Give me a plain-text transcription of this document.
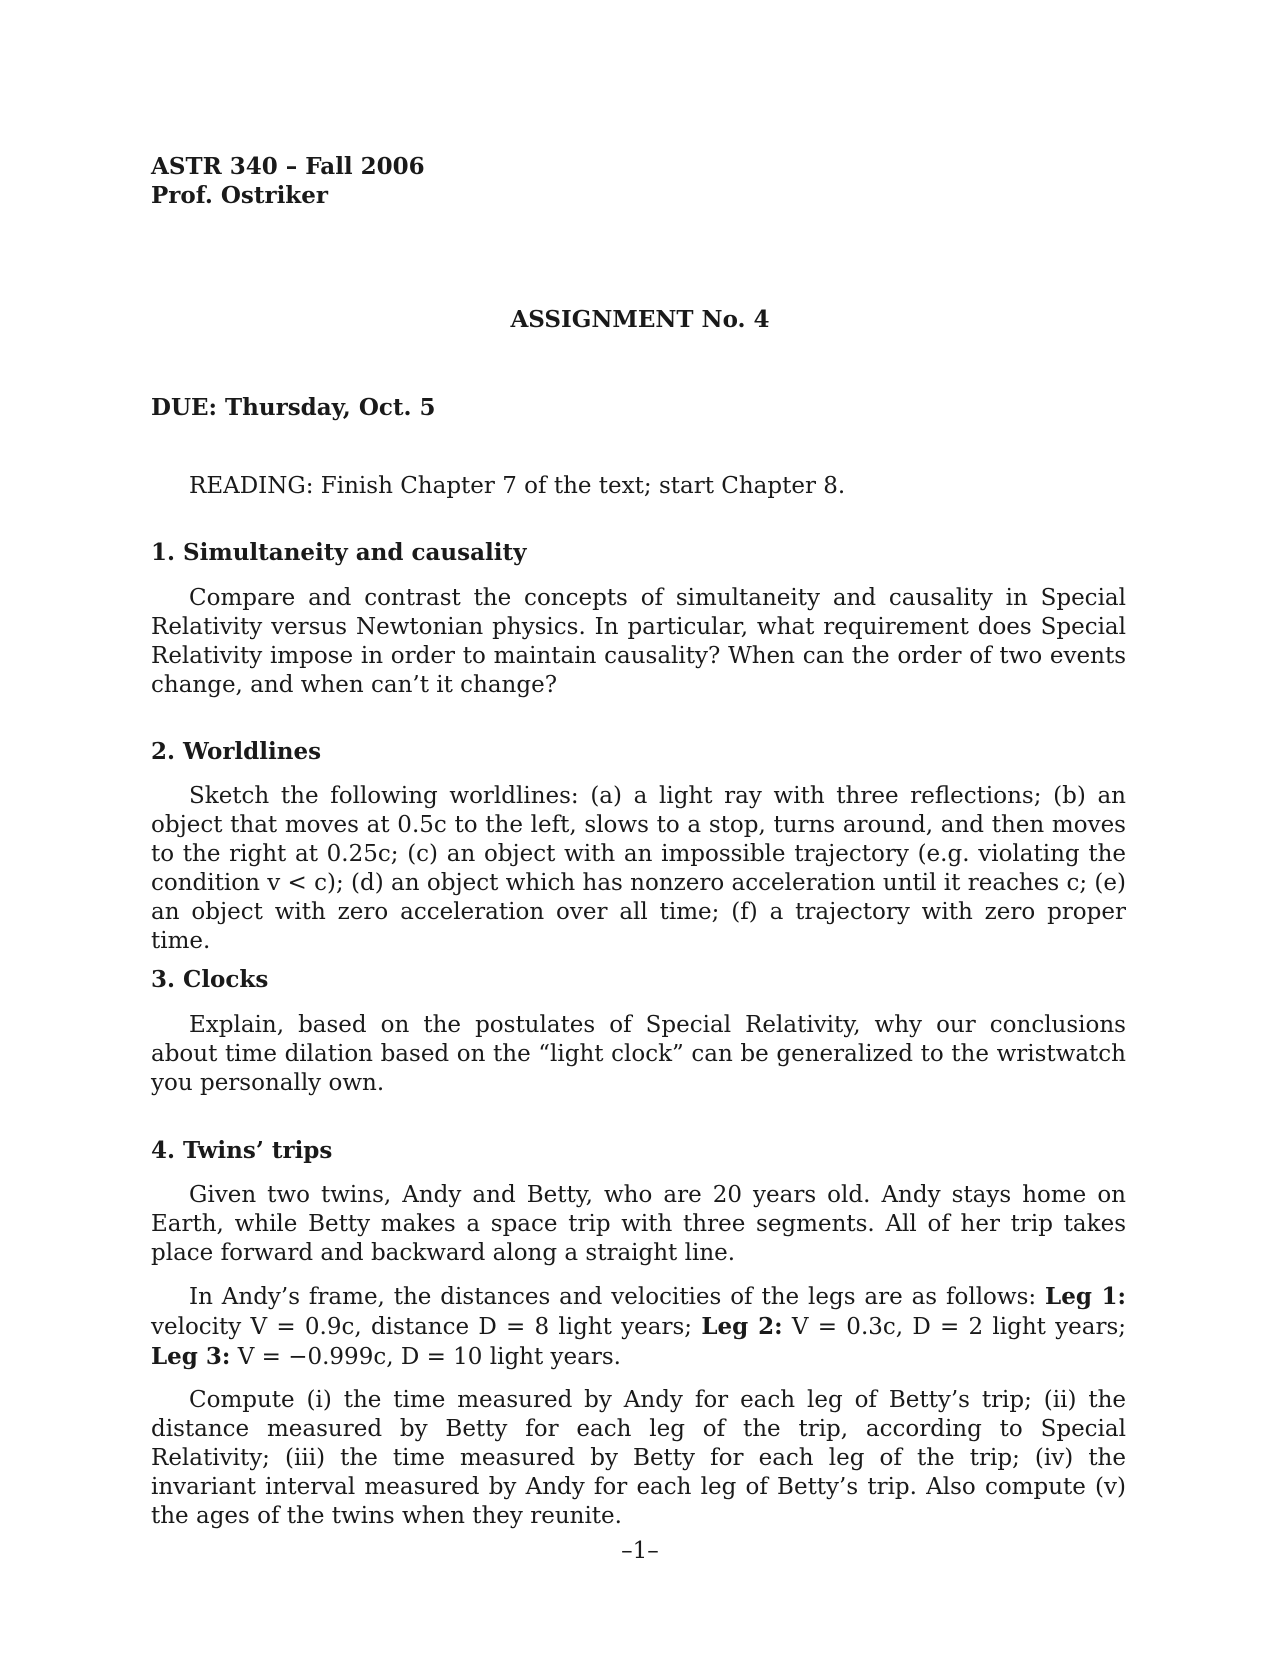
ASTR 340 – Fall 2006
Prof. Ostriker
ASSIGNMENT No. 4
DUE: Thursday, Oct. 5

READING: Finish Chapter 7 of the text; start Chapter 8.

1. Simultaneity and causality

Compare and contrast the concepts of simultaneity and causality in Special Relativity versus Newtonian physics. In particular, what requirement does Special Relativity impose in order to maintain causality? When can the order of two events change, and when can’t it change?

2. Worldlines

Sketch the following worldlines: (a) a light ray with three reflections; (b) an object that moves at 0.5c to the left, slows to a stop, turns around, and then moves to the right at 0.25c; (c) an object with an impossible trajectory (e.g. violating the condition v < c); (d) an object which has nonzero acceleration until it reaches c; (e) an object with zero acceleration over all time; (f) a trajectory with zero proper time.

3. Clocks

Explain, based on the postulates of Special Relativity, why our conclusions about time dilation based on the “light clock” can be generalized to the wristwatch you personally own.

4. Twins’ trips

Given two twins, Andy and Betty, who are 20 years old. Andy stays home on Earth, while Betty makes a space trip with three segments. All of her trip takes place forward and backward along a straight line.

In Andy’s frame, the distances and velocities of the legs are as follows: Leg 1: velocity V = 0.9c, distance D = 8 light years; Leg 2: V = 0.3c, D = 2 light years; Leg 3: V = −0.999c, D = 10 light years.

Compute (i) the time measured by Andy for each leg of Betty’s trip; (ii) the distance measured by Betty for each leg of the trip, according to Special Relativity; (iii) the time measured by Betty for each leg of the trip; (iv) the invariant interval measured by Andy for each leg of Betty’s trip. Also compute (v) the ages of the twins when they reunite.

–1–
